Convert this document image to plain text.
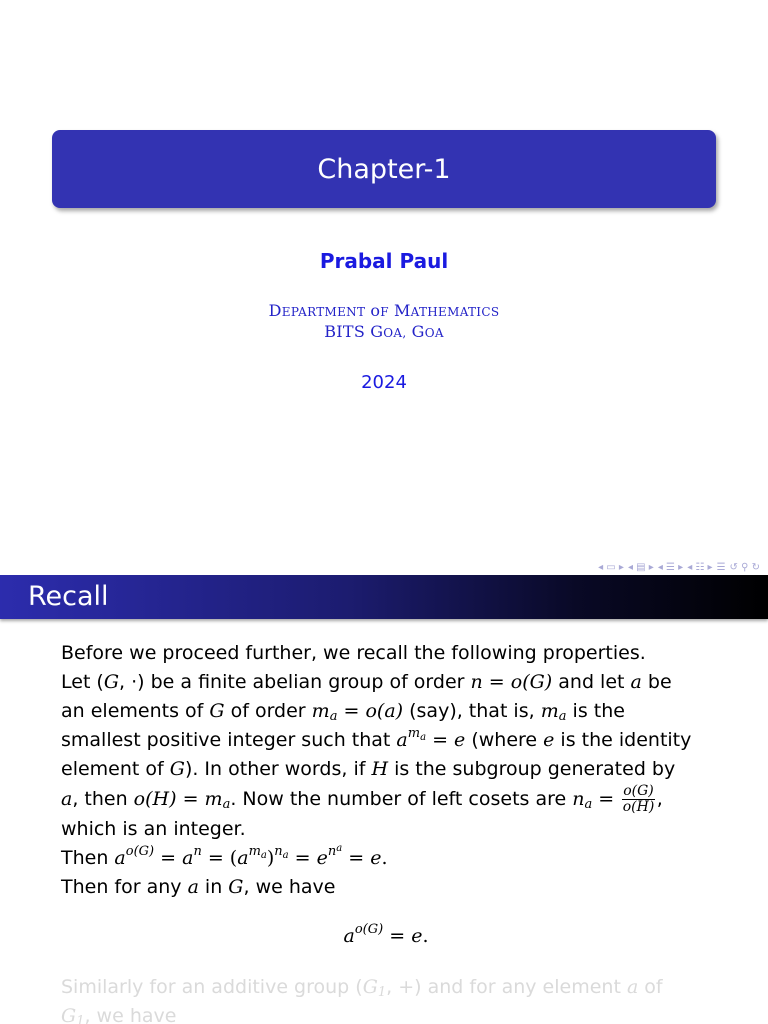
Chapter-1
Prabal Paul
DEPARTMENT oF MATHEMATICS
BITS GOA, GOA
2024
◂ ▭ ▸ ◂ ▤ ▸ ◂ ☰ ▸ ◂ ☷ ▸ ☰ ↺ ⚲ ↻
Recall

Before we proceed further, we recall the following properties.

Let (G, ·) be a finite abelian group of order n = o(G) and let a be

an elements of G of order $m_a = o(a)$ (say), that is, $m_a$ is the

smallest positive integer such that $a^{m_a} = e$ (where e is the identity

element of G). In other words, if H is the subgroup generated by

a, then $o(H) = m_a$. Now the number of left cosets are $n_a = \frac{o(G)}{o(H)}$ ,

which is an integer.

Then $a^{o(G)} = a^n = (a^{m_a})^{n_a} = e^{n^a} = e$.

Then for any a in G, we have

$a^{o(G)} = e$.

Similarly for an additive group ($G_1$, +) and for any element a of

$G_1$, we have
